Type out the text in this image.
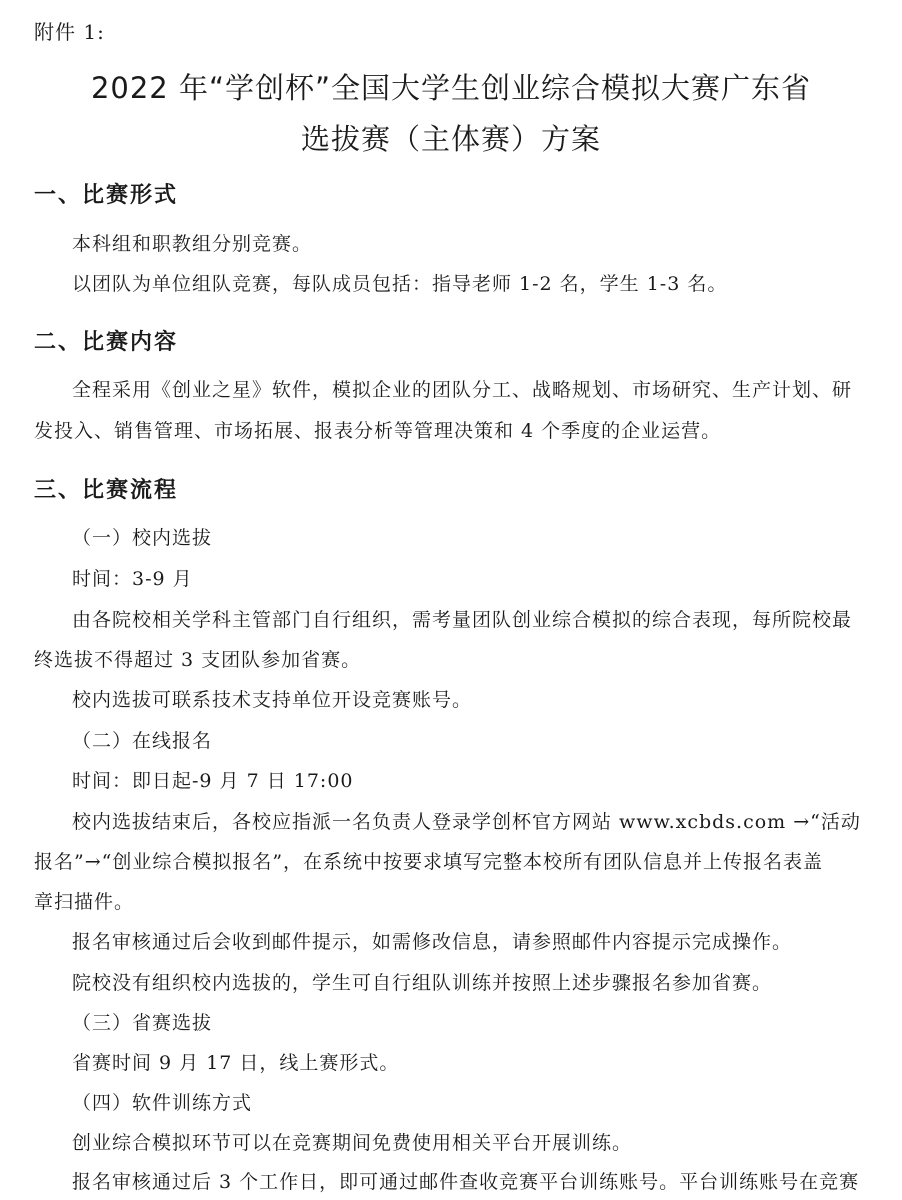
附件 1:
2022 年“学创杯”全国大学生创业综合模拟大赛广东省
选拔赛（主体赛）方案
一、比赛形式
本科组和职教组分别竞赛。
以团队为单位组队竞赛，每队成员包括：指导老师 1-2 名，学生 1-3 名。
二、比赛内容
全程采用《创业之星》软件，模拟企业的团队分工、战略规划、市场研究、生产计划、研
发投入、销售管理、市场拓展、报表分析等管理决策和 4 个季度的企业运营。
三、比赛流程
（一）校内选拔
时间：3-9 月
由各院校相关学科主管部门自行组织，需考量团队创业综合模拟的综合表现，每所院校最
终选拔不得超过 3 支团队参加省赛。
校内选拔可联系技术支持单位开设竞赛账号。
（二）在线报名
时间：即日起-9 月 7 日 17:00
校内选拔结束后，各校应指派一名负责人登录学创杯官方网站 www.xcbds.com →“活动
报名”→“创业综合模拟报名”，在系统中按要求填写完整本校所有团队信息并上传报名表盖
章扫描件。
报名审核通过后会收到邮件提示，如需修改信息，请参照邮件内容提示完成操作。
院校没有组织校内选拔的，学生可自行组队训练并按照上述步骤报名参加省赛。
（三）省赛选拔
省赛时间 9 月 17 日，线上赛形式。
（四）软件训练方式
创业综合模拟环节可以在竞赛期间免费使用相关平台开展训练。
报名审核通过后 3 个工作日，即可通过邮件查收竞赛平台训练账号。平台训练账号在竞赛
